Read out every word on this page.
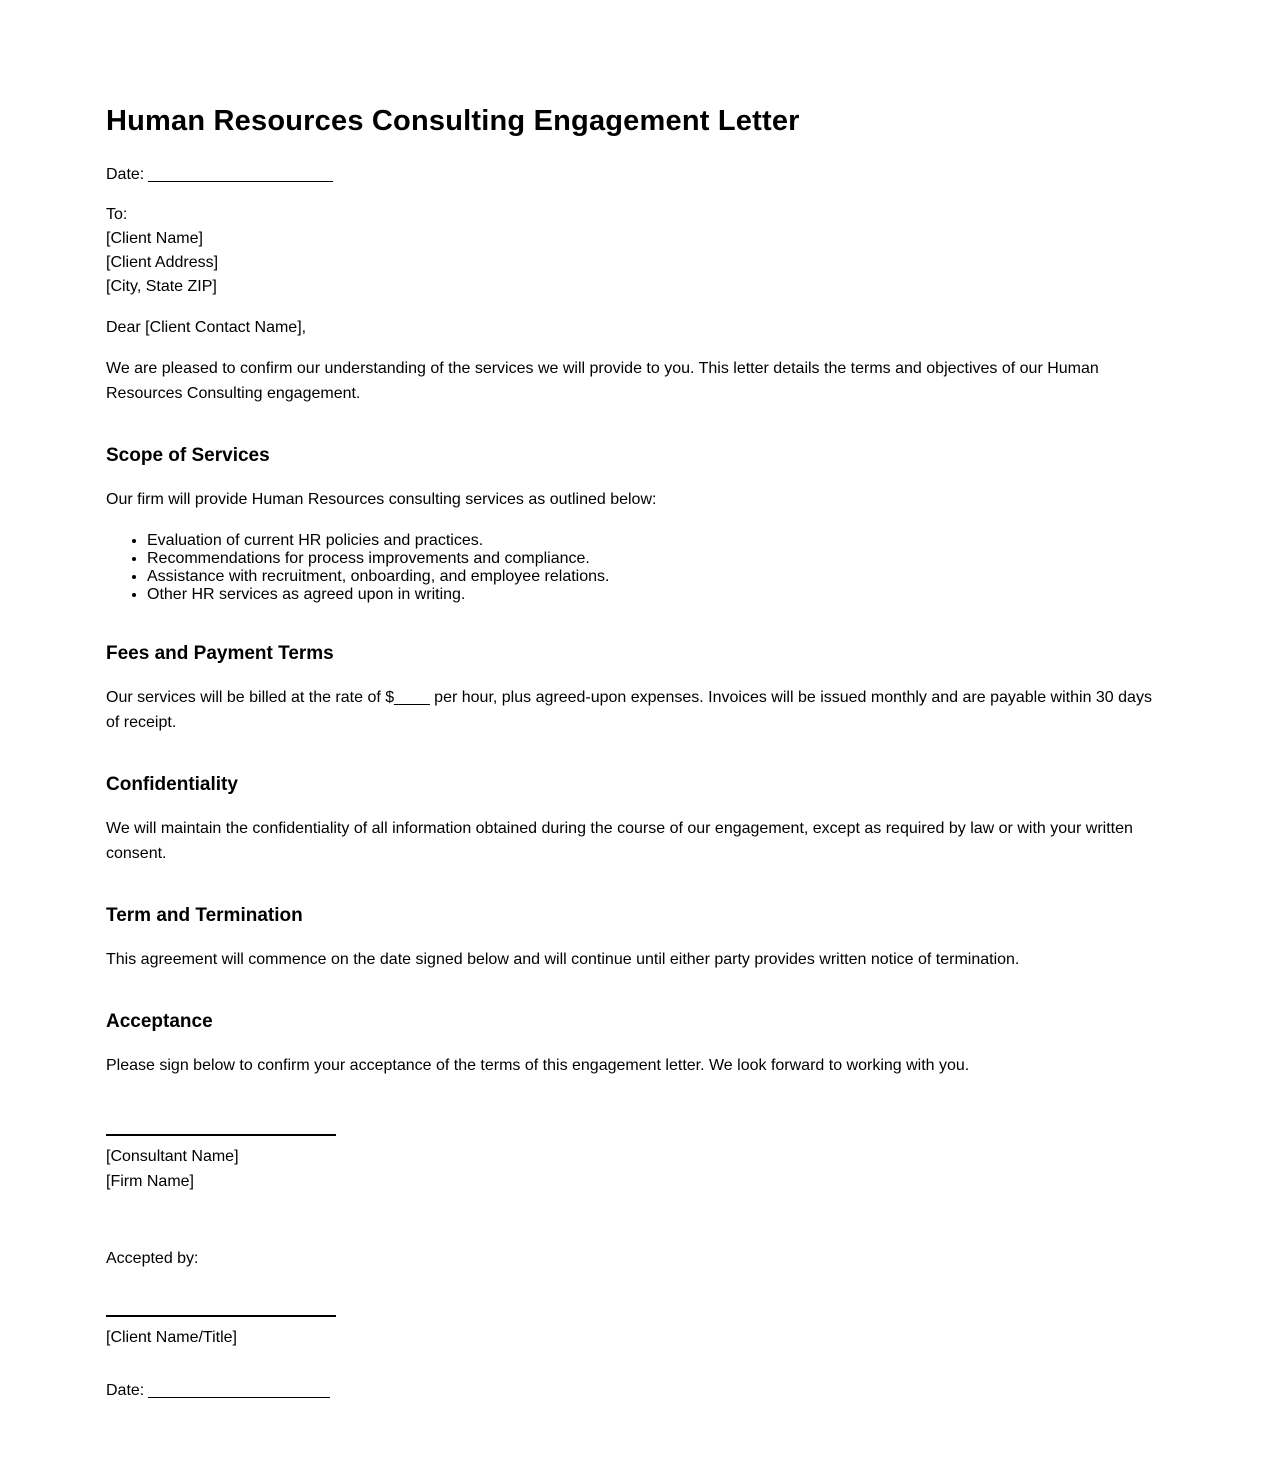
Human Resources Consulting Engagement Letter
Date:
To:
[Client Name]
[Client Address]
[City, State ZIP]
Dear [Client Contact Name],

We are pleased to confirm our understanding of the services we will provide to you. This letter details the terms and objectives of our Human Resources Consulting engagement.

Scope of Services

Our firm will provide Human Resources consulting services as outlined below:

• Evaluation of current HR policies and practices.
• Recommendations for process improvements and compliance.
• Assistance with recruitment, onboarding, and employee relations.
• Other HR services as agreed upon in writing.
Fees and Payment Terms

Our services will be billed at the rate of $____ per hour, plus agreed-upon expenses. Invoices will be issued monthly and are payable within 30 days of receipt.

Confidentiality

We will maintain the confidentiality of all information obtained during the course of our engagement, except as required by law or with your written consent.

Term and Termination

This agreement will commence on the date signed below and will continue until either party provides written notice of termination.

Acceptance

Please sign below to confirm your acceptance of the terms of this engagement letter. We look forward to working with you.

[Consultant Name]
[Firm Name]
Accepted by:
[Client Name/Title]
Date:
